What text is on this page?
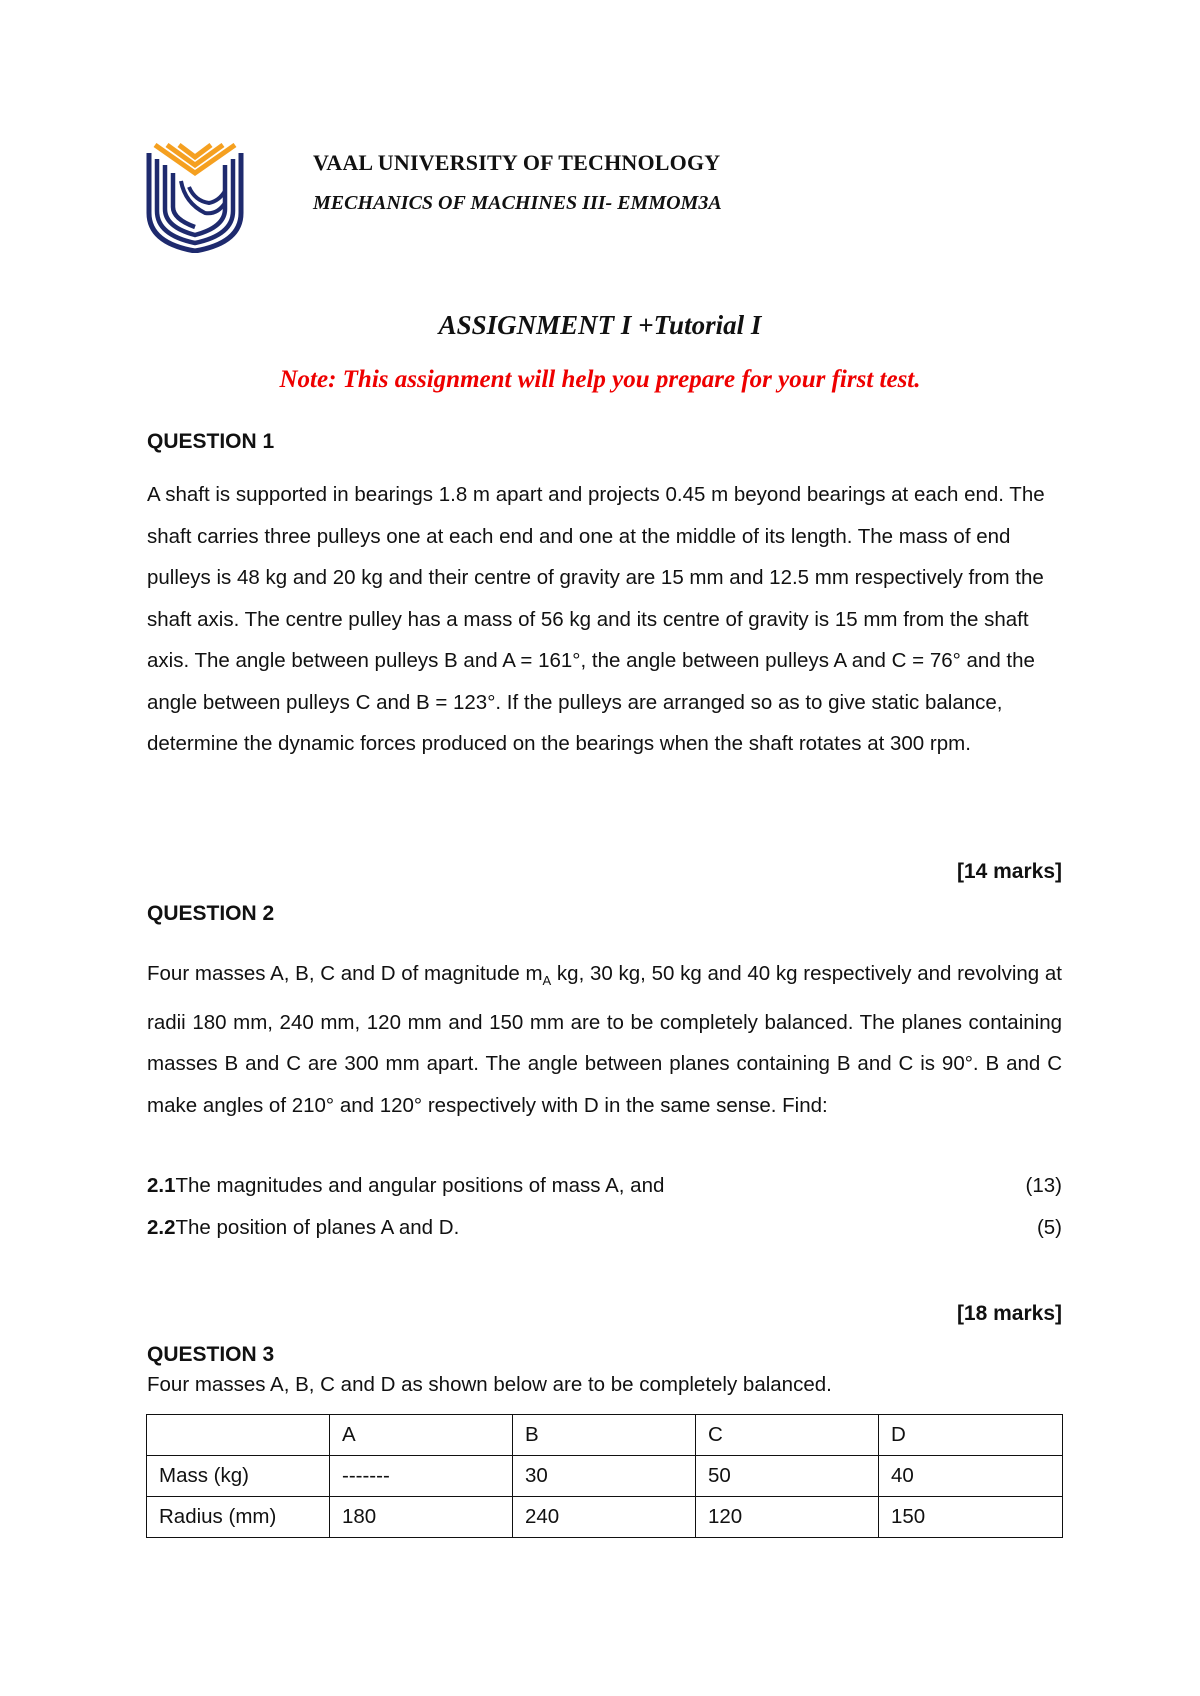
VAAL UNIVERSITY OF TECHNOLOGY
MECHANICS OF MACHINES III- EMMOM3A
ASSIGNMENT I +Tutorial I
Note: This assignment will help you prepare for your first test.
QUESTION 1

A shaft is supported in bearings 1.8 m apart and projects 0.45 m beyond bearings at each end. The shaft carries three pulleys one at each end and one at the middle of its length. The mass of end pulleys is 48 kg and 20 kg and their centre of gravity are 15 mm and 12.5 mm respectively from the shaft axis. The centre pulley has a mass of 56 kg and its centre of gravity is 15 mm from the shaft axis. The angle between pulleys B and A = 161°, the angle between pulleys A and C = 76° and the angle between pulleys C and B = 123°. If the pulleys are arranged so as to give static balance, determine the dynamic forces produced on the bearings when the shaft rotates at 300 rpm.

[14 marks]
QUESTION 2

Four masses A, B, C and D of magnitude $m_A$ kg, 30 kg, 50 kg and 40 kg respectively and revolving at radii 180 mm, 240 mm, 120 mm and 150 mm are to be completely balanced. The planes containing masses B and C are 300 mm apart. The angle between planes containing B and C is 90°. B and C make angles of 210° and 120° respectively with D in the same sense. Find:

2.1The magnitudes and angular positions of mass A, and	(13)
2.2The position of planes A and D.	(5)
[18 marks]
QUESTION 3
Four masses A, B, C and D as shown below are to be completely balanced.
	A	B	C	D
Mass (kg)	-------	30	50	40
Radius (mm)	180	240	120	150
